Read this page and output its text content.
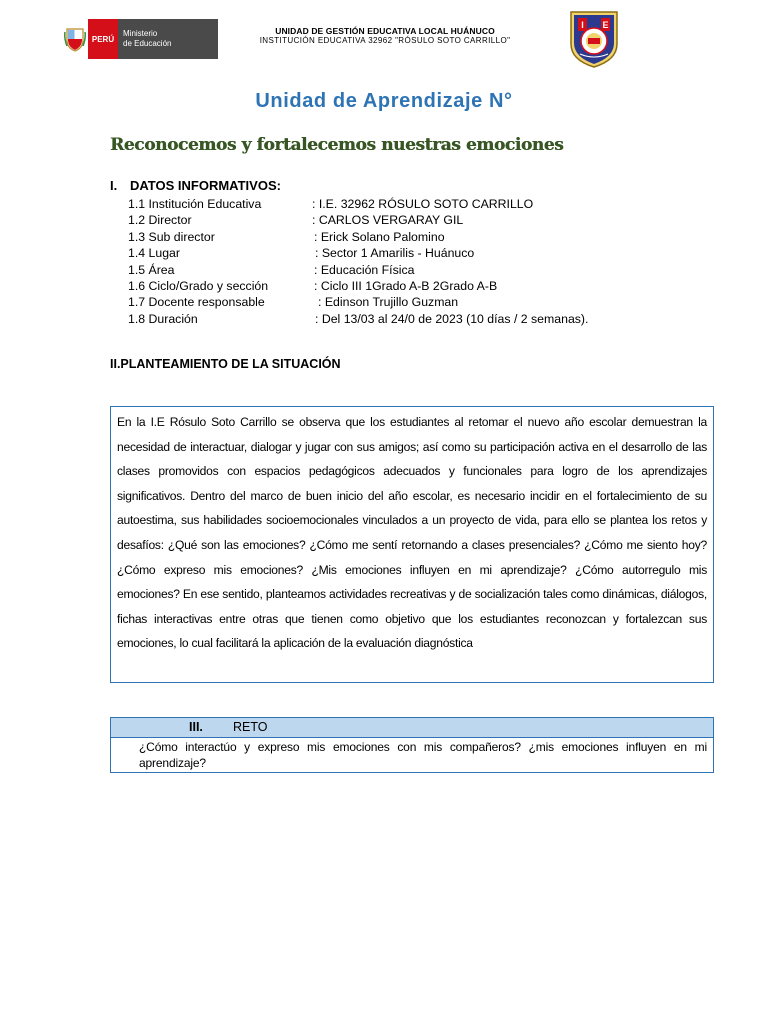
PERÚ
Ministerio
de Educación
UNIDAD DE GESTIÓN EDUCATIVA LOCAL HUÁNUCO
INSTITUCIÓN EDUCATIVA 32962 "RÓSULO SOTO CARRILLO"
I E
Unidad de Aprendizaje N°
Reconocemos y fortalecemos nuestras emociones
I. DATOS INFORMATIVOS:
1.1 Institución Educativa	: I.E. 32962 RÓSULO SOTO CARRILLO
1.2 Director	: CARLOS VERGARAY GIL
1.3 Sub director	: Erick Solano Palomino
1.4 Lugar	: Sector 1 Amarilis - Huánuco
1.5 Área	: Educación Física
1.6 Ciclo/Grado y sección	: Ciclo III 1Grado A-B 2Grado A-B
1.7 Docente responsable	: Edinson Trujillo Guzman
1.8 Duración	: Del 13/03 al 24/0 de 2023 (10 días / 2 semanas).
II.PLANTEAMIENTO DE LA SITUACIÓN

En la I.E Rósulo Soto Carrillo se observa que los estudiantes al retomar el nuevo año escolar demuestran la necesidad de interactuar, dialogar y jugar con sus amigos; así como su participación activa en el desarrollo de las clases promovidos con espacios pedagógicos adecuados y funcionales para logro de los aprendizajes significativos. Dentro del marco de buen inicio del año escolar, es necesario incidir en el fortalecimiento de su autoestima, sus habilidades socioemocionales vinculados a un proyecto de vida, para ello se plantea los retos y desafíos: ¿Qué son las emociones? ¿Cómo me sentí retornando a clases presenciales? ¿Cómo me siento hoy? ¿Cómo expreso mis emociones? ¿Mis emociones influyen en mi aprendizaje? ¿Cómo autorregulo mis emociones? En ese sentido, planteamos actividades recreativas y de socialización tales como dinámicas, diálogos, fichas interactivas entre otras que tienen como objetivo que los estudiantes reconozcan y fortalezcan sus emociones, lo cual facilitará la aplicación de la evaluación diagnóstica

III. RETO
¿Cómo interactúo y expreso mis emociones con mis compañeros? ¿mis emociones influyen en mi aprendizaje?
